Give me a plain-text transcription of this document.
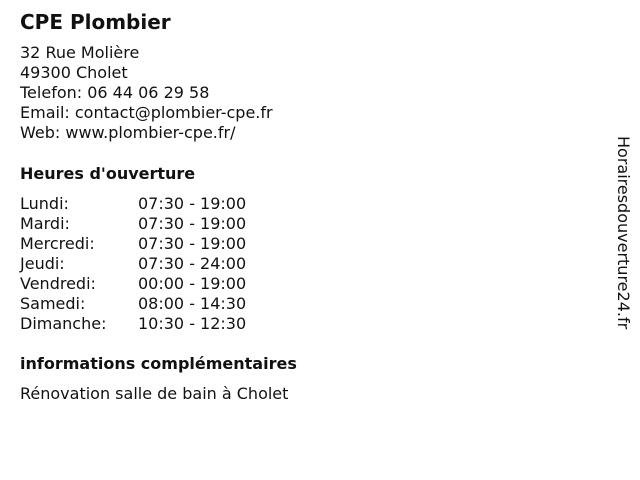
CPE Plombier
32 Rue Molière
49300 Cholet
Telefon: 06 44 06 29 58
Email: contact@plombier-cpe.fr
Web: www.plombier-cpe.fr/
Heures d'ouverture
Lundi:	07:30 - 19:00
Mardi:	07:30 - 19:00
Mercredi:	07:30 - 19:00
Jeudi:	07:30 - 24:00
Vendredi:	00:00 - 19:00
Samedi:	08:00 - 14:30
Dimanche:	10:30 - 12:30
informations complémentaires
Rénovation salle de bain à Cholet
Horairesdouverture24.fr
